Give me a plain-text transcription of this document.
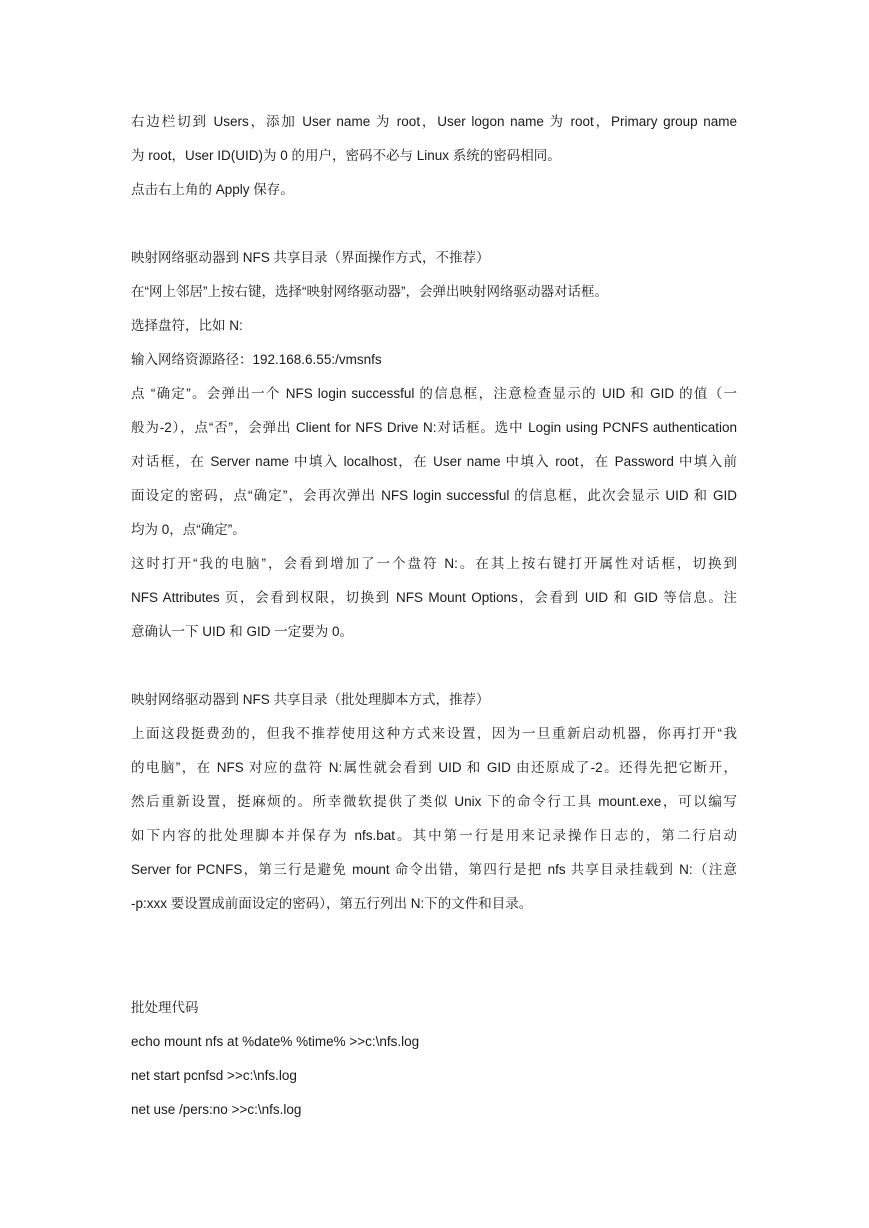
右边栏切到 Users，添加 User name 为 root，User logon name 为 root，Primary group name
为 root，User ID(UID)为 0 的用户，密码不必与 Linux 系统的密码相同。
点击右上角的 Apply 保存。
映射网络驱动器到 NFS 共享目录（界面操作方式，不推荐）
在“网上邻居”上按右键，选择“映射网络驱动器”，会弹出映射网络驱动器对话框。
选择盘符，比如 N:
输入网络资源路径：192.168.6.55:/vmsnfs
点 “确定”。会弹出一个 NFS login successful 的信息框，注意检查显示的 UID 和 GID 的值（一
般为-2），点“否”，会弹出 Client for NFS Drive N:对话框。选中 Login using PCNFS authentication
对话框，在 Server name 中填入 localhost，在 User name 中填入 root，在 Password 中填入前
面设定的密码，点“确定”，会再次弹出 NFS login successful 的信息框，此次会显示 UID 和 GID
均为 0，点“确定”。
这时打开“我的电脑”，会看到增加了一个盘符 N:。在其上按右键打开属性对话框，切换到
NFS Attributes 页，会看到权限，切换到 NFS Mount Options，会看到 UID 和 GID 等信息。注
意确认一下 UID 和 GID 一定要为 0。
映射网络驱动器到 NFS 共享目录（批处理脚本方式，推荐）
上面这段挺费劲的，但我不推荐使用这种方式来设置，因为一旦重新启动机器，你再打开“我
的电脑”，在 NFS 对应的盘符 N:属性就会看到 UID 和 GID 由还原成了-2。还得先把它断开，
然后重新设置，挺麻烦的。所幸微软提供了类似 Unix 下的命令行工具 mount.exe，可以编写
如下内容的批处理脚本并保存为 nfs.bat。其中第一行是用来记录操作日志的，第二行启动
Server for PCNFS，第三行是避免 mount 命令出错，第四行是把 nfs 共享目录挂载到 N:（注意
-p:xxx 要设置成前面设定的密码），第五行列出 N:下的文件和目录。
批处理代码
echo mount nfs at %date% %time% >>c:\nfs.log
net start pcnfsd >>c:\nfs.log
net use /pers:no >>c:\nfs.log
